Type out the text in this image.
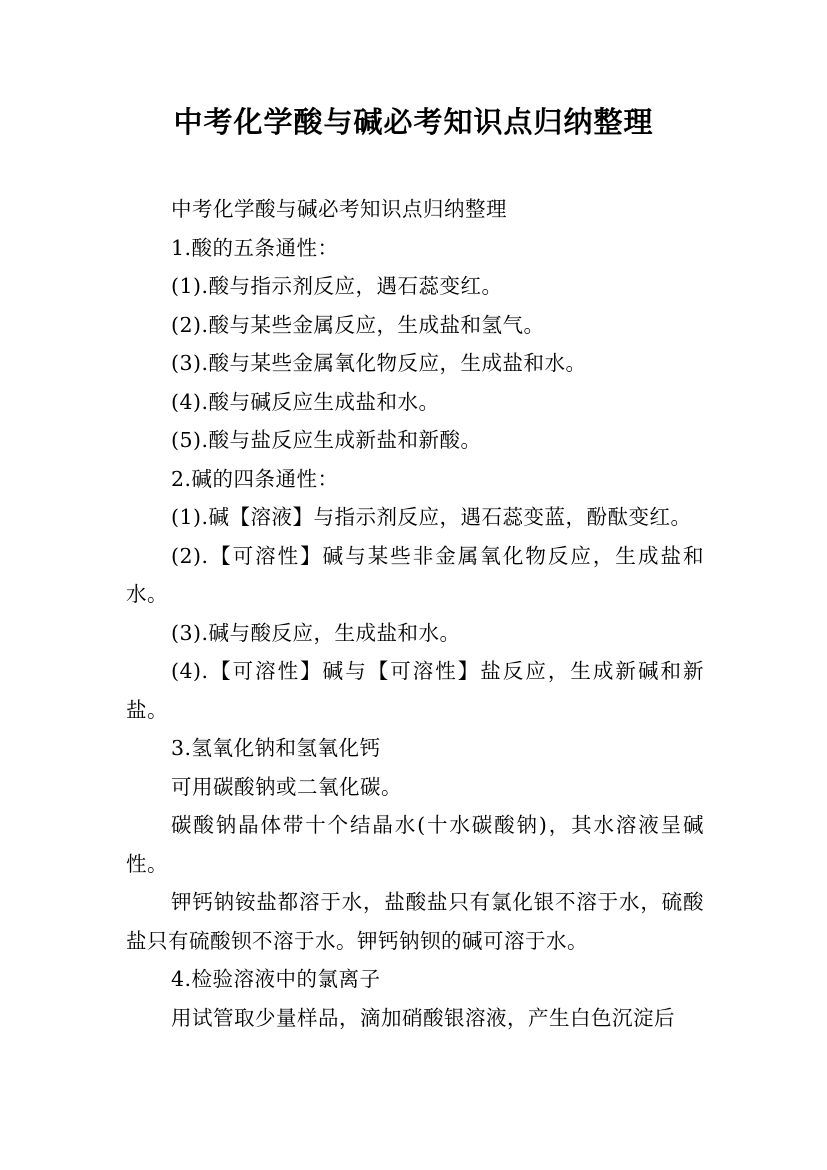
中考化学酸与碱必考知识点归纳整理

中考化学酸与碱必考知识点归纳整理

1.酸的五条通性：

(1).酸与指示剂反应，遇石蕊变红。

(2).酸与某些金属反应，生成盐和氢气。

(3).酸与某些金属氧化物反应，生成盐和水。

(4).酸与碱反应生成盐和水。

(5).酸与盐反应生成新盐和新酸。

2.碱的四条通性：

(1).碱【溶液】与指示剂反应，遇石蕊变蓝，酚酞变红。

(2).【可溶性】碱与某些非金属氧化物反应，生成盐和水。

(3).碱与酸反应，生成盐和水。

(4).【可溶性】碱与【可溶性】盐反应，生成新碱和新盐。

3.氢氧化钠和氢氧化钙

可用碳酸钠或二氧化碳。

碳酸钠晶体带十个结晶水(十水碳酸钠)，其水溶液呈碱性。

钾钙钠铵盐都溶于水，盐酸盐只有氯化银不溶于水，硫酸盐只有硫酸钡不溶于水。钾钙钠钡的碱可溶于水。

4.检验溶液中的氯离子

用试管取少量样品，滴加硝酸银溶液，产生白色沉淀后
